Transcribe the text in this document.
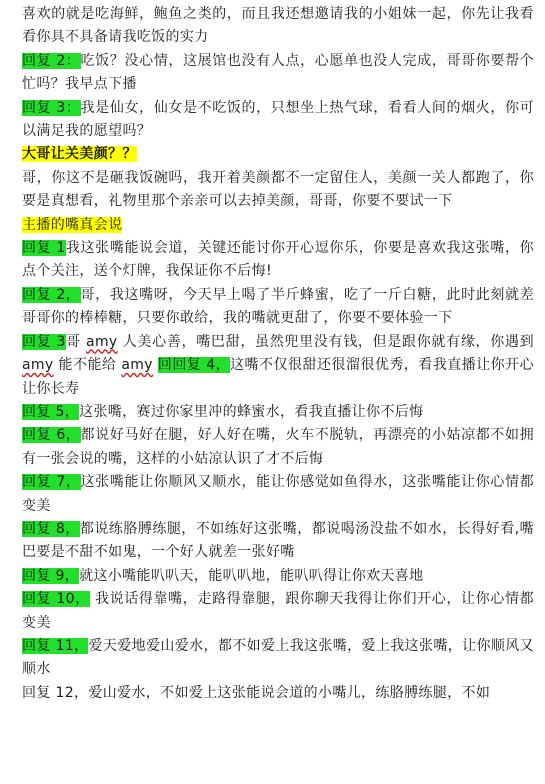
喜欢的就是吃海鲜，鲍鱼之类的，而且我还想邀请我的小姐妹一起，你先让我看看你具不具备请我吃饭的实力

回复 2：吃饭？没心情，这展馆也没有人点，心愿单也没人完成，哥哥你要帮个忙吗？我早点下播

回复 3：我是仙女，仙女是不吃饭的，只想坐上热气球，看看人间的烟火，你可以满足我的愿望吗？

大哥让关美颜？？

哥，你这不是砸我饭碗吗，我开着美颜都不一定留住人，美颜一关人都跑了，你要是真想看，礼物里那个亲亲可以去掉美颜，哥哥，你要不要试一下

主播的嘴真会说

回复 1我这张嘴能说会道，关键还能讨你开心逗你乐，你要是喜欢我这张嘴，你点个关注，送个灯牌，我保证你不后悔!

回复 2，哥，我这嘴呀，今天早上喝了半斤蜂蜜，吃了一斤白糖，此时此刻就差哥哥你的棒棒糖，只要你敢给，我的嘴就更甜了，你要不要体验一下

回复 3哥 amy 人美心善，嘴巴甜，虽然兜里没有钱，但是跟你就有缘，你遇到 amy 能不能给 amy 回回复 4，这嘴不仅很甜还很溜很优秀，看我直播让你开心让你长寿

回复 5，这张嘴，赛过你家里冲的蜂蜜水，看我直播让你不后悔

回复 6，都说好马好在腿，好人好在嘴，火车不脱轨，再漂亮的小姑凉都不如拥有一张会说的嘴，这样的小姑凉认识了才不后悔

回复 7，这张嘴能让你顺风又顺水，能让你感觉如鱼得水，这张嘴能让你心情都变美

回复 8，都说练胳膊练腿，不如练好这张嘴，都说喝汤没盐不如水，长得好看,嘴巴要是不甜不如鬼，一个好人就差一张好嘴

回复 9，就这小嘴能叭叭天，能叭叭地，能叭叭得让你欢天喜地

回复 10， 我说话得靠嘴，走路得靠腿，跟你聊天我得让你们开心，让你心情都变美

回复 11，爱天爱地爱山爱水，都不如爱上我这张嘴，爱上我这张嘴，让你顺风又顺水

回复 12，爱山爱水，不如爱上这张能说会道的小嘴儿，练胳膊练腿，不如
